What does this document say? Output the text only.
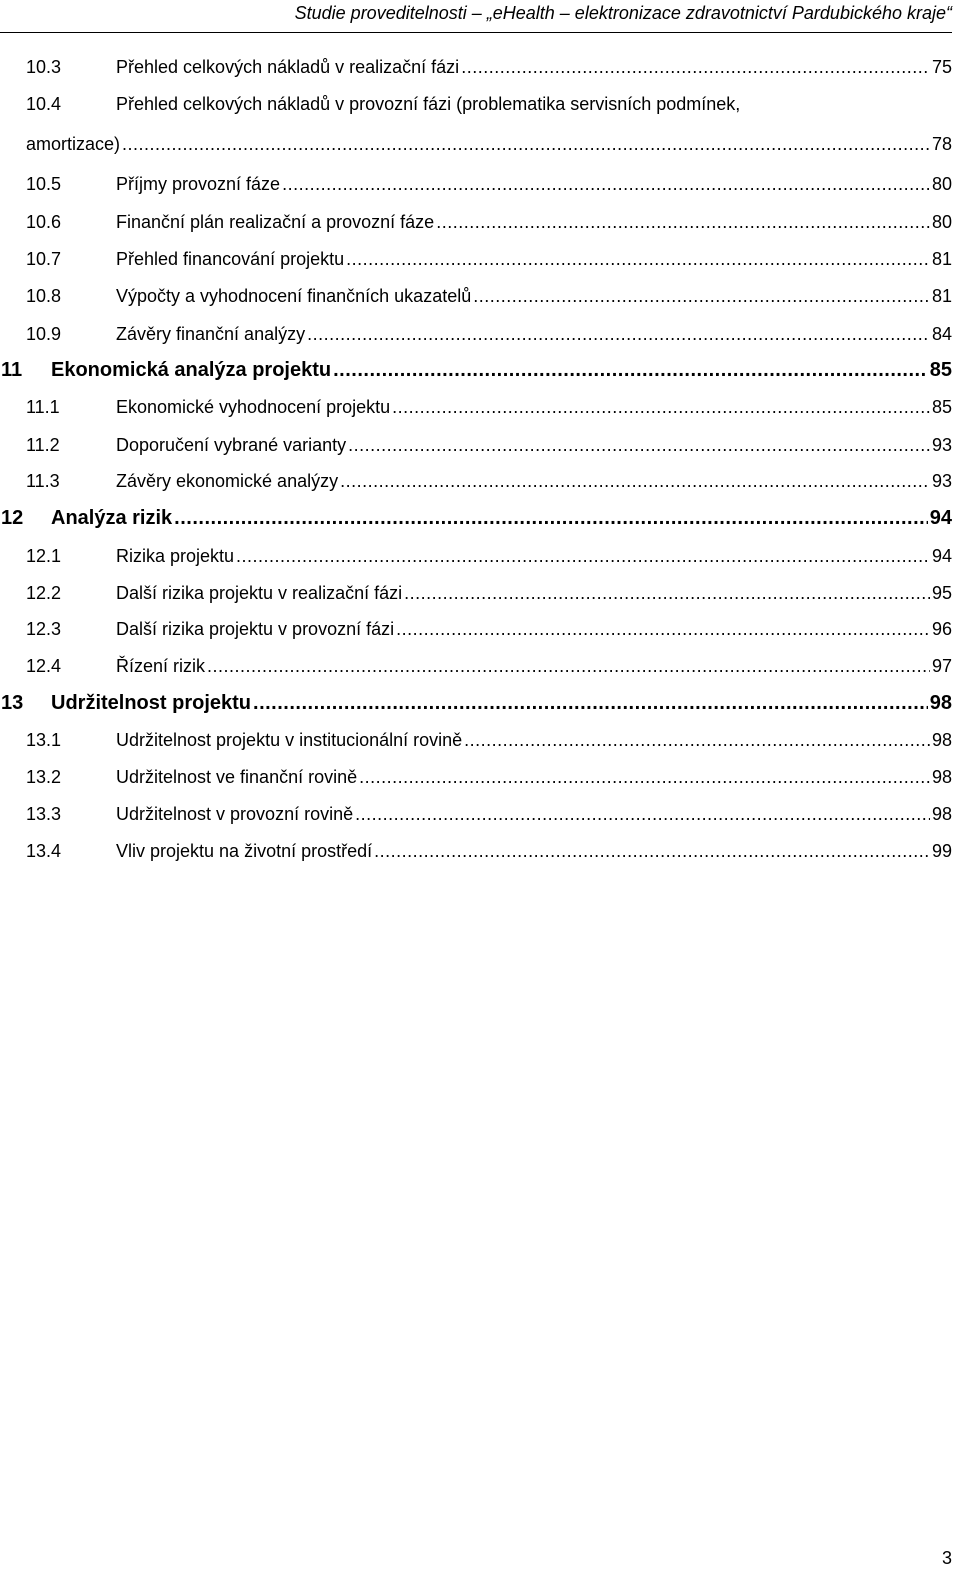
Studie proveditelnosti – „eHealth – elektronizace zdravotnictví Pardubického kraje“
10.3	Přehled celkových nákladů v realizační fázi .....	75
10.4	Přehled celkových nákladů v provozní fázi (problematika servisních podmínek,
amortizace) .....	78
10.5	Příjmy provozní fáze .....	80
10.6	Finanční plán realizační a provozní fáze .....	80
10.7	Přehled financování projektu .....	81
10.8	Výpočty a vyhodnocení finančních ukazatelů .....	81
10.9	Závěry finanční analýzy .....	84
11	Ekonomická analýza projektu .....	85
11.1	Ekonomické vyhodnocení projektu .....	85
11.2	Doporučení vybrané varianty .....	93
11.3	Závěry ekonomické analýzy .....	93
12	Analýza rizik .....	94
12.1	Rizika projektu .....	94
12.2	Další rizika projektu v realizační fázi .....	95
12.3	Další rizika projektu v provozní fázi .....	96
12.4	Řízení rizik .....	97
13	Udržitelnost projektu .....	98
13.1	Udržitelnost projektu v institucionální rovině .....	98
13.2	Udržitelnost ve finanční rovině .....	98
13.3	Udržitelnost v provozní rovině .....	98
13.4	Vliv projektu na životní prostředí .....	99
3
